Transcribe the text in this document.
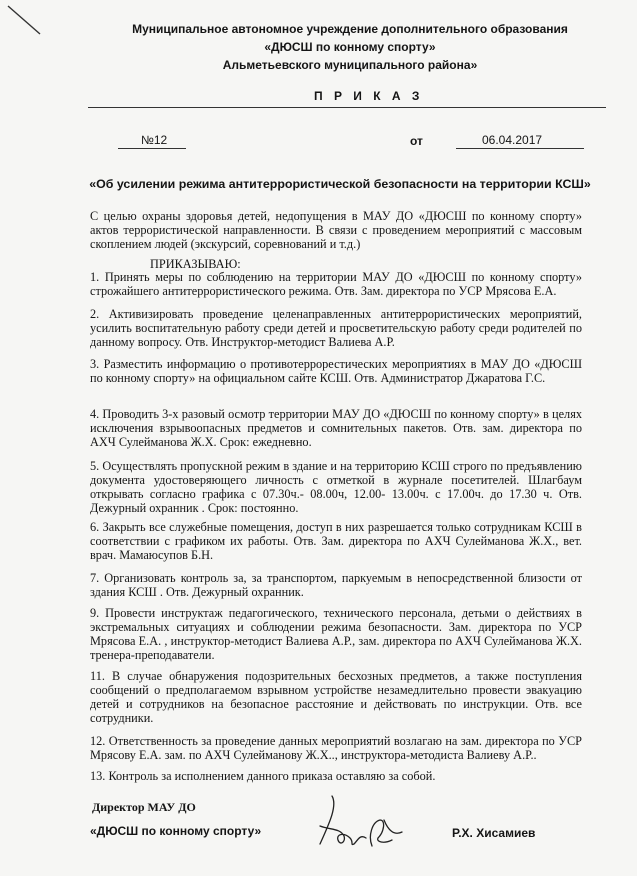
Муниципальное автономное учреждение дополнительного образования
«ДЮСШ по конному спорту»
Альметьевского муниципального района»
П Р И К А З
№12	от	06.04.2017
«Об усилении режима антитеррористической безопасности на территории КСШ»

С целью охраны здоровья детей, недопущения в МАУ ДО «ДЮСШ по конному спорту» актов террористической направленности. В связи с проведением мероприятий с массовым скоплением людей (экскурсий, соревнований и т.д.)

ПРИКАЗЫВАЮ:

1. Принять меры по соблюдению на территории МАУ ДО «ДЮСШ по конному спорту» строжайшего антитеррористического режима. Отв. Зам. директора по УСР Мрясова Е.А.

2. Активизировать проведение целенаправленных антитеррористических мероприятий, усилить воспитательную работу среди детей и просветительскую работу среди родителей по данному вопросу. Отв. Инструктор-методист Валиева А.Р.

3. Разместить информацию о противотеррорестических мероприятиях в МАУ ДО «ДЮСШ по конному спорту» на официальном сайте КСШ. Отв. Администратор Джаратова Г.С.

4. Проводить 3-х разовый осмотр территории МАУ ДО «ДЮСШ по конному спорту» в целях исключения взрывоопасных предметов и сомнительных пакетов. Отв. зам. директора по АХЧ Сулейманова Ж.Х. Срок: ежедневно.

5. Осуществлять пропускной режим в здание и на территорию КСШ строго по предъявлению документа удостоверяющего личность с отметкой в журнале посетителей. Шлагбаум открывать согласно графика с 07.30ч.- 08.00ч, 12.00- 13.00ч. с 17.00ч. до 17.30 ч. Отв. Дежурный охранник . Срок: постоянно.

6. Закрыть все служебные помещения, доступ в них разрешается только сотрудникам КСШ в соответствии с графиком их работы. Отв. Зам. директора по АХЧ Сулейманова Ж.Х., вет. врач. Мамаюсупов Б.Н.

7. Организовать контроль за, за транспортом, паркуемым в непосредственной близости от здания КСШ . Отв. Дежурный охранник.

9. Провести инструктаж педагогического, технического персонала, детьми о действиях в экстремальных ситуациях и соблюдении режима безопасности. Зам. директора по УСР Мрясова Е.А. , инструктор-методист Валиева А.Р., зам. директора по АХЧ Сулейманова Ж.Х. тренера-преподаватели.

11. В случае обнаружения подозрительных бесхозных предметов, а также поступления сообщений о предполагаемом взрывном устройстве незамедлительно провести эвакуацию детей и сотрудников на безопасное расстояние и действовать по инструкции. Отв. все сотрудники.

12. Ответственность за проведение данных мероприятий возлагаю на зам. директора по УСР Мрясову Е.А. зам. по АХЧ Сулейманову Ж.Х.., инструктора-методиста Валиеву А.Р..

13. Контроль за исполнением данного приказа оставляю за собой.

Директор МАУ ДО
«ДЮСШ по конному спорту»	Р.Х. Хисамиев
